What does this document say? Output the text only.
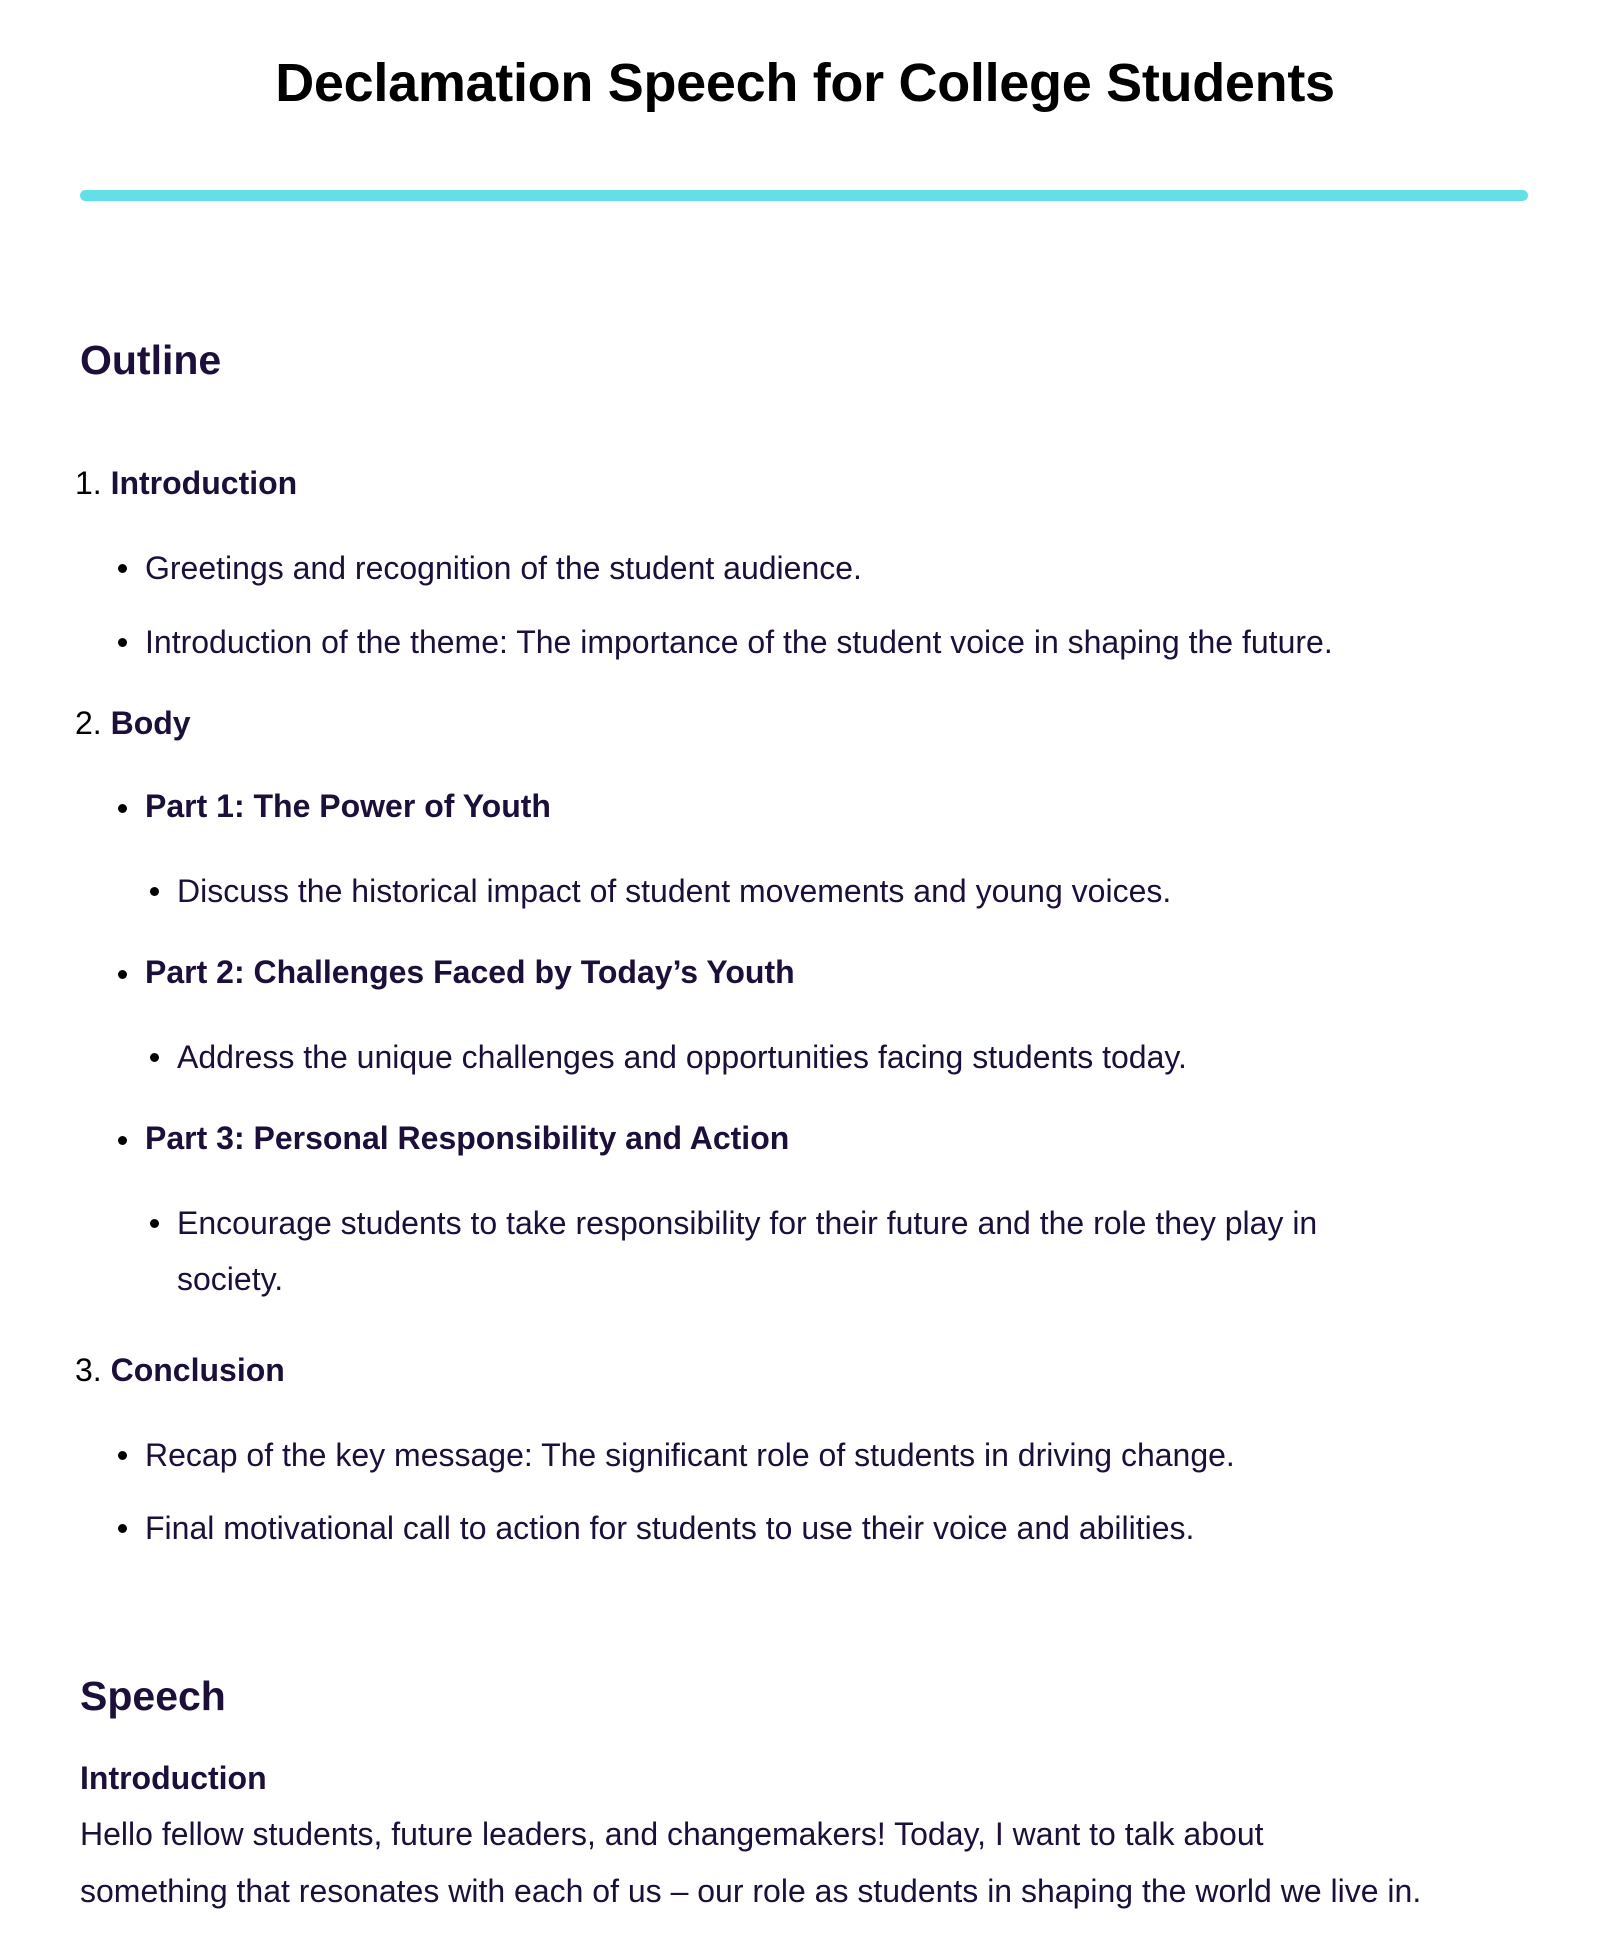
Declamation Speech for College Students
Outline
1. Introduction
Greetings and recognition of the student audience.
Introduction of the theme: The importance of the student voice in shaping the future.
2. Body
Part 1: The Power of Youth
Discuss the historical impact of student movements and young voices.
Part 2: Challenges Faced by Today’s Youth
Address the unique challenges and opportunities facing students today.
Part 3: Personal Responsibility and Action
Encourage students to take responsibility for their future and the role they play in
society.
3. Conclusion
Recap of the key message: The significant role of students in driving change.
Final motivational call to action for students to use their voice and abilities.
Speech
Introduction
Hello fellow students, future leaders, and changemakers! Today, I want to talk about
something that resonates with each of us – our role as students in shaping the world we live in.
